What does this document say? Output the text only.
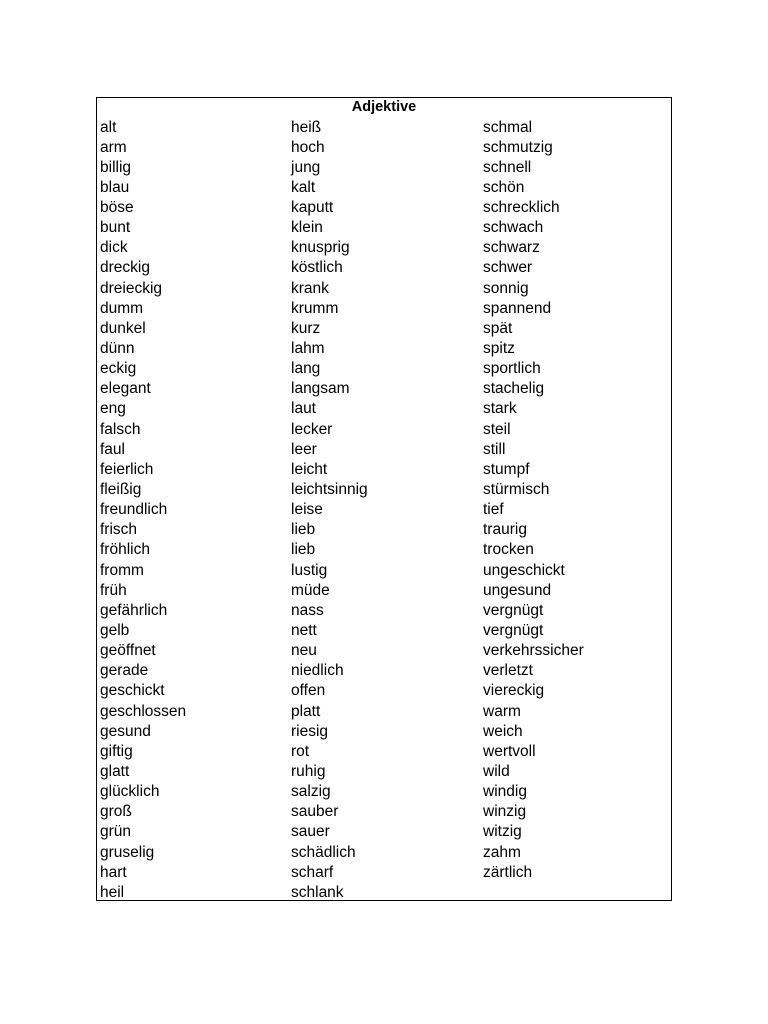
Adjektive
alt
arm
billig
blau
böse
bunt
dick
dreckig
dreieckig
dumm
dunkel
dünn
eckig
elegant
eng
falsch
faul
feierlich
fleißig
freundlich
frisch
fröhlich
fromm
früh
gefährlich
gelb
geöffnet
gerade
geschickt
geschlossen
gesund
giftig
glatt
glücklich
groß
grün
gruselig
hart
heil
heiß
hoch
jung
kalt
kaputt
klein
knusprig
köstlich
krank
krumm
kurz
lahm
lang
langsam
laut
lecker
leer
leicht
leichtsinnig
leise
lieb
lieb
lustig
müde
nass
nett
neu
niedlich
offen
platt
riesig
rot
ruhig
salzig
sauber
sauer
schädlich
scharf
schlank
schmal
schmutzig
schnell
schön
schrecklich
schwach
schwarz
schwer
sonnig
spannend
spät
spitz
sportlich
stachelig
stark
steil
still
stumpf
stürmisch
tief
traurig
trocken
ungeschickt
ungesund
vergnügt
vergnügt
verkehrssicher
verletzt
viereckig
warm
weich
wertvoll
wild
windig
winzig
witzig
zahm
zärtlich
